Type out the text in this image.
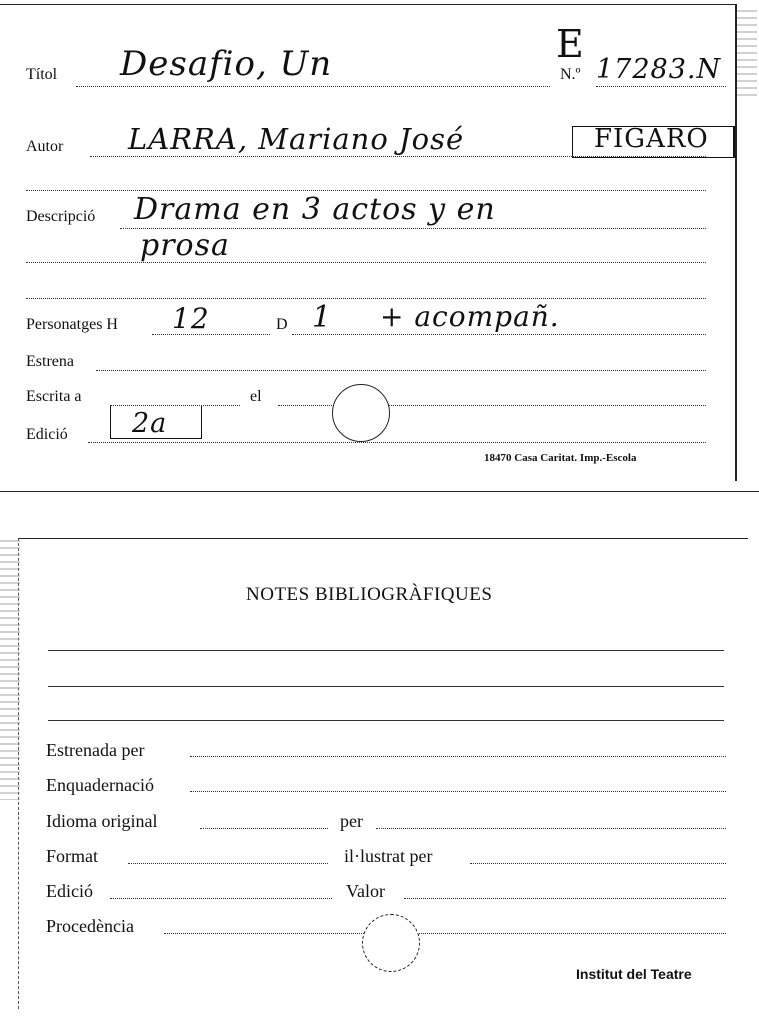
Títol Desafio, Un	E
N.º 17283.N
Autor LARRA, Mariano José	FIGARO
Descripció Drama en 3 actos y en
prosa
Personatges H 12	D 1 + acompañ.
Estrena
Escrita a	el
Edició 2a
18470 Casa Caritat. Imp.-Escola
NOTES BIBLIOGRÀFIQUES
Estrenada per
Enquadernació
Idioma original	per
Format	il·lustrat per
Edició	Valor
Procedència
Institut del Teatre
